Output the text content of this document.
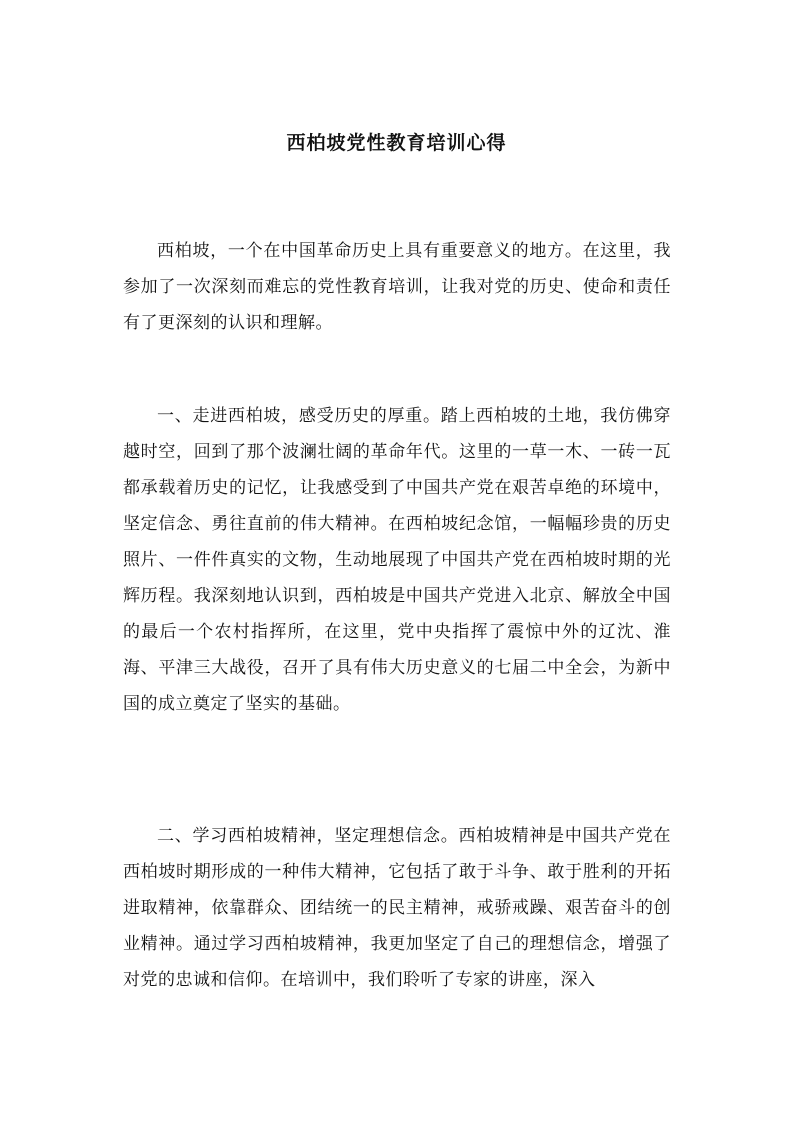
西柏坡党性教育培训心得

西柏坡，一个在中国革命历史上具有重要意义的地方。在这里，我参加了一次深刻而难忘的党性教育培训，让我对党的历史、使命和责任有了更深刻的认识和理解。

一、走进西柏坡，感受历史的厚重。踏上西柏坡的土地，我仿佛穿越时空，回到了那个波澜壮阔的革命年代。这里的一草一木、一砖一瓦都承载着历史的记忆，让我感受到了中国共产党在艰苦卓绝的环境中，坚定信念、勇往直前的伟大精神。在西柏坡纪念馆，一幅幅珍贵的历史照片、一件件真实的文物，生动地展现了中国共产党在西柏坡时期的光辉历程。我深刻地认识到，西柏坡是中国共产党进入北京、解放全中国的最后一个农村指挥所，在这里，党中央指挥了震惊中外的辽沈、淮海、平津三大战役，召开了具有伟大历史意义的七届二中全会，为新中国的成立奠定了坚实的基础。

二、学习西柏坡精神，坚定理想信念。西柏坡精神是中国共产党在西柏坡时期形成的一种伟大精神，它包括了敢于斗争、敢于胜利的开拓进取精神，依靠群众、团结统一的民主精神，戒骄戒躁、艰苦奋斗的创业精神。通过学习西柏坡精神，我更加坚定了自己的理想信念，增强了对党的忠诚和信仰。在培训中，我们聆听了专家的讲座，深入
